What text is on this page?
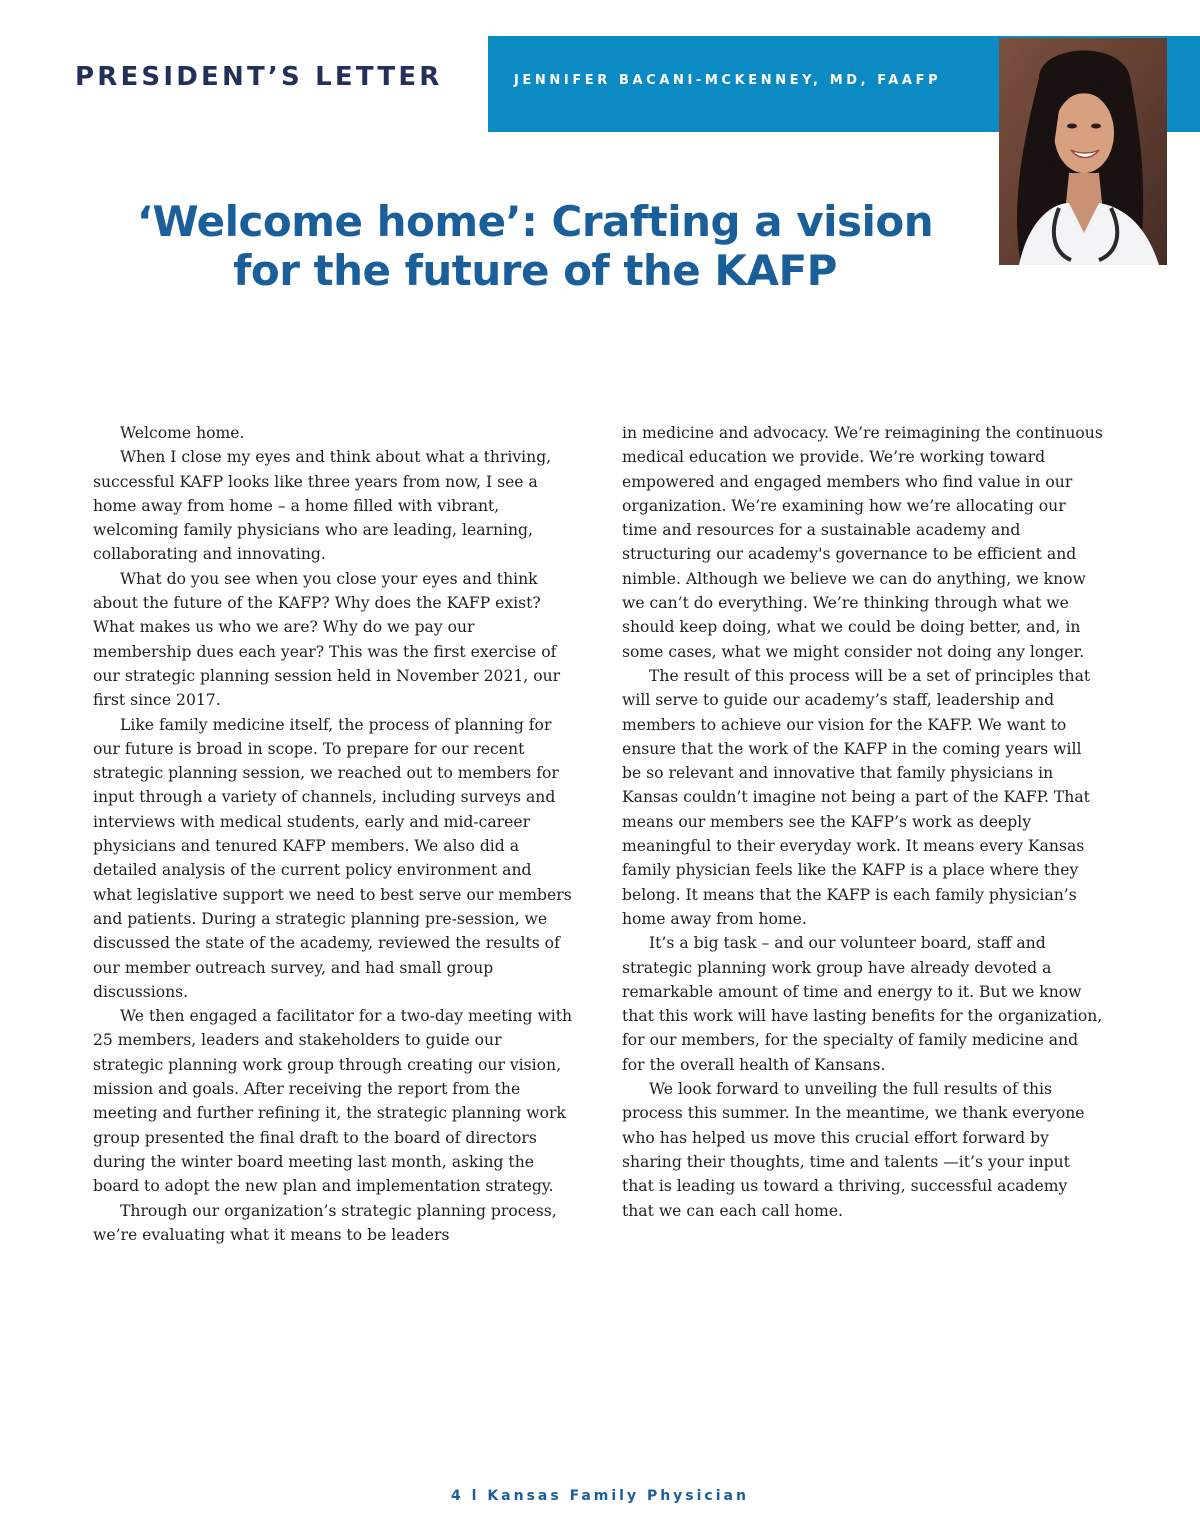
PRESIDENT’S LETTER	JENNIFER BACANI-MCKENNEY, MD, FAAFP
‘Welcome home’: Crafting a vision
for the future of the KAFP

Welcome home.

When I close my eyes and think about what a thriving, successful KAFP looks like three years from now, I see a home away from home – a home filled with vibrant, welcoming family physicians who are leading, learning, collaborating and innovating.

What do you see when you close your eyes and think about the future of the KAFP? Why does the KAFP exist? What makes us who we are? Why do we pay our membership dues each year? This was the first exercise of our strategic planning session held in November 2021, our first since 2017.

Like family medicine itself, the process of planning for our future is broad in scope. To prepare for our recent strategic planning session, we reached out to members for input through a variety of channels, including surveys and interviews with medical students, early and mid-career physicians and tenured KAFP members. We also did a detailed analysis of the current policy environment and what legislative support we need to best serve our members and patients. During a strategic planning pre-session, we discussed the state of the academy, reviewed the results of our member outreach survey, and had small group discussions.

We then engaged a facilitator for a two-day meeting with 25 members, leaders and stakeholders to guide our strategic planning work group through creating our vision, mission and goals. After receiving the report from the meeting and further refining it, the strategic planning work group presented the final draft to the board of directors during the winter board meeting last month, asking the board to adopt the new plan and implementation strategy.

Through our organization’s strategic planning process, we’re evaluating what it means to be leaders

in medicine and advocacy. We’re reimagining the continuous medical education we provide. We’re working toward empowered and engaged members who find value in our organization. We’re examining how we’re allocating our time and resources for a sustainable academy and structuring our academy's governance to be efficient and nimble. Although we believe we can do anything, we know we can’t do everything. We’re thinking through what we should keep doing, what we could be doing better, and, in some cases, what we might consider not doing any longer.

The result of this process will be a set of principles that will serve to guide our academy’s staff, leadership and members to achieve our vision for the KAFP. We want to ensure that the work of the KAFP in the coming years will be so relevant and innovative that family physicians in Kansas couldn’t imagine not being a part of the KAFP. That means our members see the KAFP’s work as deeply meaningful to their everyday work. It means every Kansas family physician feels like the KAFP is a place where they belong. It means that the KAFP is each family physician’s home away from home.

It’s a big task – and our volunteer board, staff and strategic planning work group have already devoted a remarkable amount of time and energy to it. But we know that this work will have lasting benefits for the organization, for our members, for the specialty of family medicine and for the overall health of Kansans.

We look forward to unveiling the full results of this process this summer. In the meantime, we thank everyone who has helped us move this crucial effort forward by sharing their thoughts, time and talents —it’s your input that is leading us toward a thriving, successful academy that we can each call home.

4 l Kansas Family Physician
